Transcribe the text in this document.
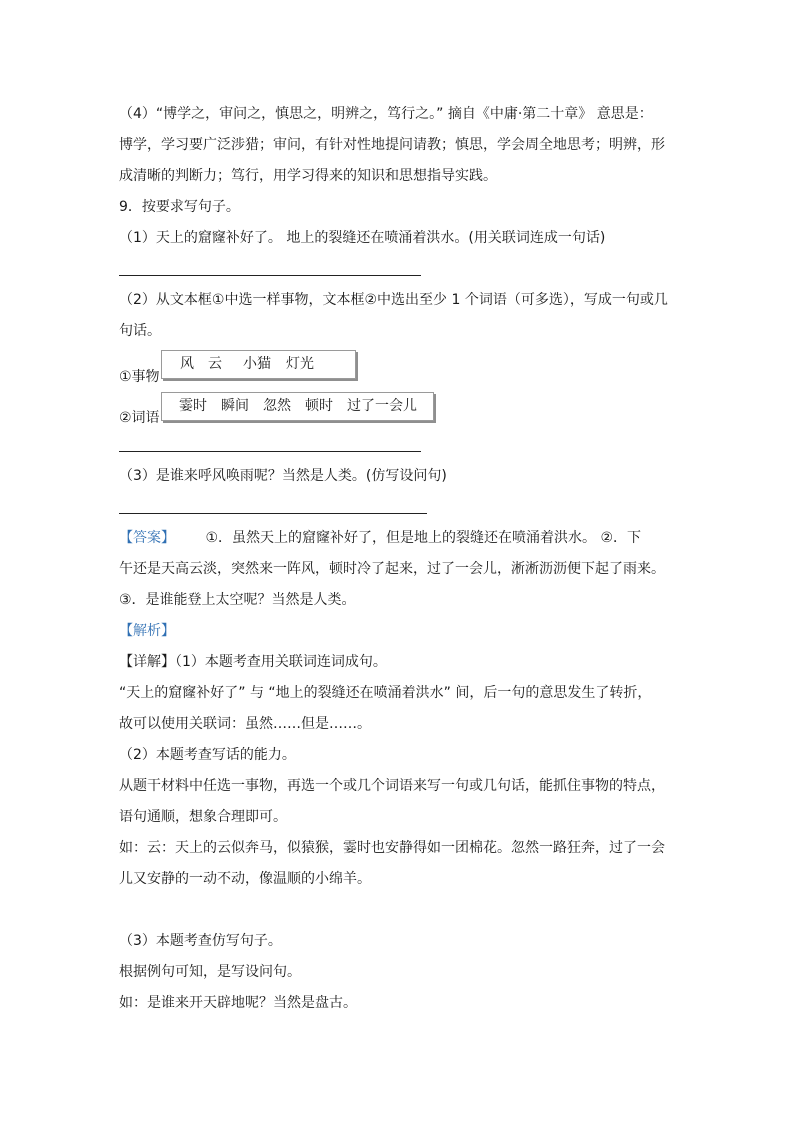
（4）“博学之，审问之，慎思之，明辨之，笃行之。” 摘自《中庸·第二十章》 意思是：
博学，学习要广泛涉猎；审问，有针对性地提问请教；慎思，学会周全地思考；明辨，形
成清晰的判断力；笃行，用学习得来的知识和思想指导实践。
9．按要求写句子。
（1）天上的窟窿补好了。 地上的裂缝还在喷涌着洪水。(用关联词连成一句话)
（2）从文本框①中选一样事物，文本框②中选出至少 1 个词语（可多选），写成一句或几
句话。
①事物
风 云 小猫 灯光
②词语
霎时 瞬间 忽然 顿时 过了一会儿
（3）是谁来呼风唤雨呢？当然是人类。(仿写设问句)
【答案】 ①．虽然天上的窟窿补好了，但是地上的裂缝还在喷涌着洪水。 ②．下
午还是天高云淡，突然来一阵风，顿时冷了起来，过了一会儿，淅淅沥沥便下起了雨来。
③．是谁能登上太空呢？当然是人类。
【解析】
【详解】（1）本题考查用关联词连词成句。
“天上的窟窿补好了” 与 “地上的裂缝还在喷涌着洪水” 间，后一句的意思发生了转折，
故可以使用关联词：虽然……但是……。
（2）本题考查写话的能力。
从题干材料中任选一事物，再选一个或几个词语来写一句或几句话，能抓住事物的特点，
语句通顺，想象合理即可。
如：云：天上的云似奔马，似猿猴，霎时也安静得如一团棉花。忽然一路狂奔，过了一会
儿又安静的一动不动，像温顺的小绵羊。
（3）本题考查仿写句子。
根据例句可知，是写设问句。
如：是谁来开天辟地呢？当然是盘古。
